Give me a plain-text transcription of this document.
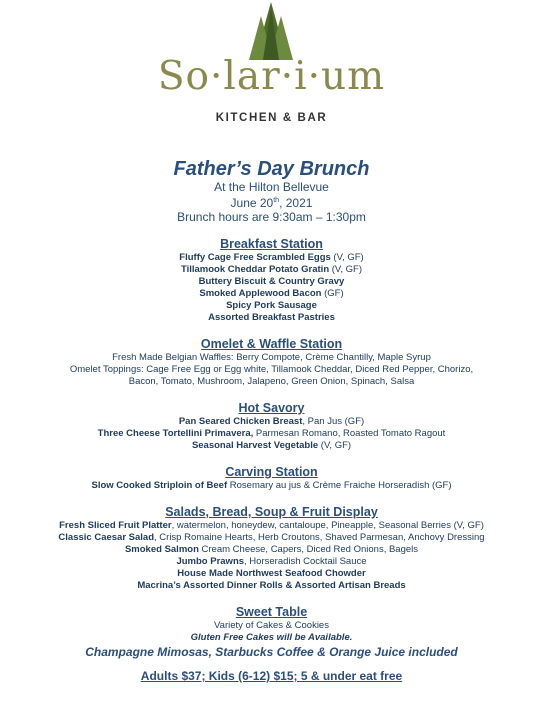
So·lar·i·um
KITCHEN & BAR
Father’s Day Brunch
At the Hilton Bellevue
June 20th, 2021
Brunch hours are 9:30am – 1:30pm
Breakfast Station
Fluffy Cage Free Scrambled Eggs (V, GF)
Tillamook Cheddar Potato Gratin (V, GF)
Buttery Biscuit & Country Gravy
Smoked Applewood Bacon (GF)
Spicy Pork Sausage
Assorted Breakfast Pastries
Omelet & Waffle Station
Fresh Made Belgian Waffles: Berry Compote, Crème Chantilly, Maple Syrup
Omelet Toppings: Cage Free Egg or Egg white, Tillamook Cheddar, Diced Red Pepper, Chorizo,
Bacon, Tomato, Mushroom, Jalapeno, Green Onion, Spinach, Salsa
Hot Savory
Pan Seared Chicken Breast, Pan Jus (GF)
Three Cheese Tortellini Primavera, Parmesan Romano, Roasted Tomato Ragout
Seasonal Harvest Vegetable (V, GF)
Carving Station
Slow Cooked Striploin of Beef Rosemary au jus & Crème Fraiche Horseradish (GF)
Salads, Bread, Soup & Fruit Display
Fresh Sliced Fruit Platter, watermelon, honeydew, cantaloupe, Pineapple, Seasonal Berries (V, GF)
Classic Caesar Salad, Crisp Romaine Hearts, Herb Croutons, Shaved Parmesan, Anchovy Dressing
Smoked Salmon Cream Cheese, Capers, Diced Red Onions, Bagels
Jumbo Prawns, Horseradish Cocktail Sauce
House Made Northwest Seafood Chowder
Macrina’s Assorted Dinner Rolls & Assorted Artisan Breads
Sweet Table
Variety of Cakes & Cookies
Gluten Free Cakes will be Available.
Champagne Mimosas, Starbucks Coffee & Orange Juice included
Adults $37; Kids (6-12) $15; 5 & under eat free
